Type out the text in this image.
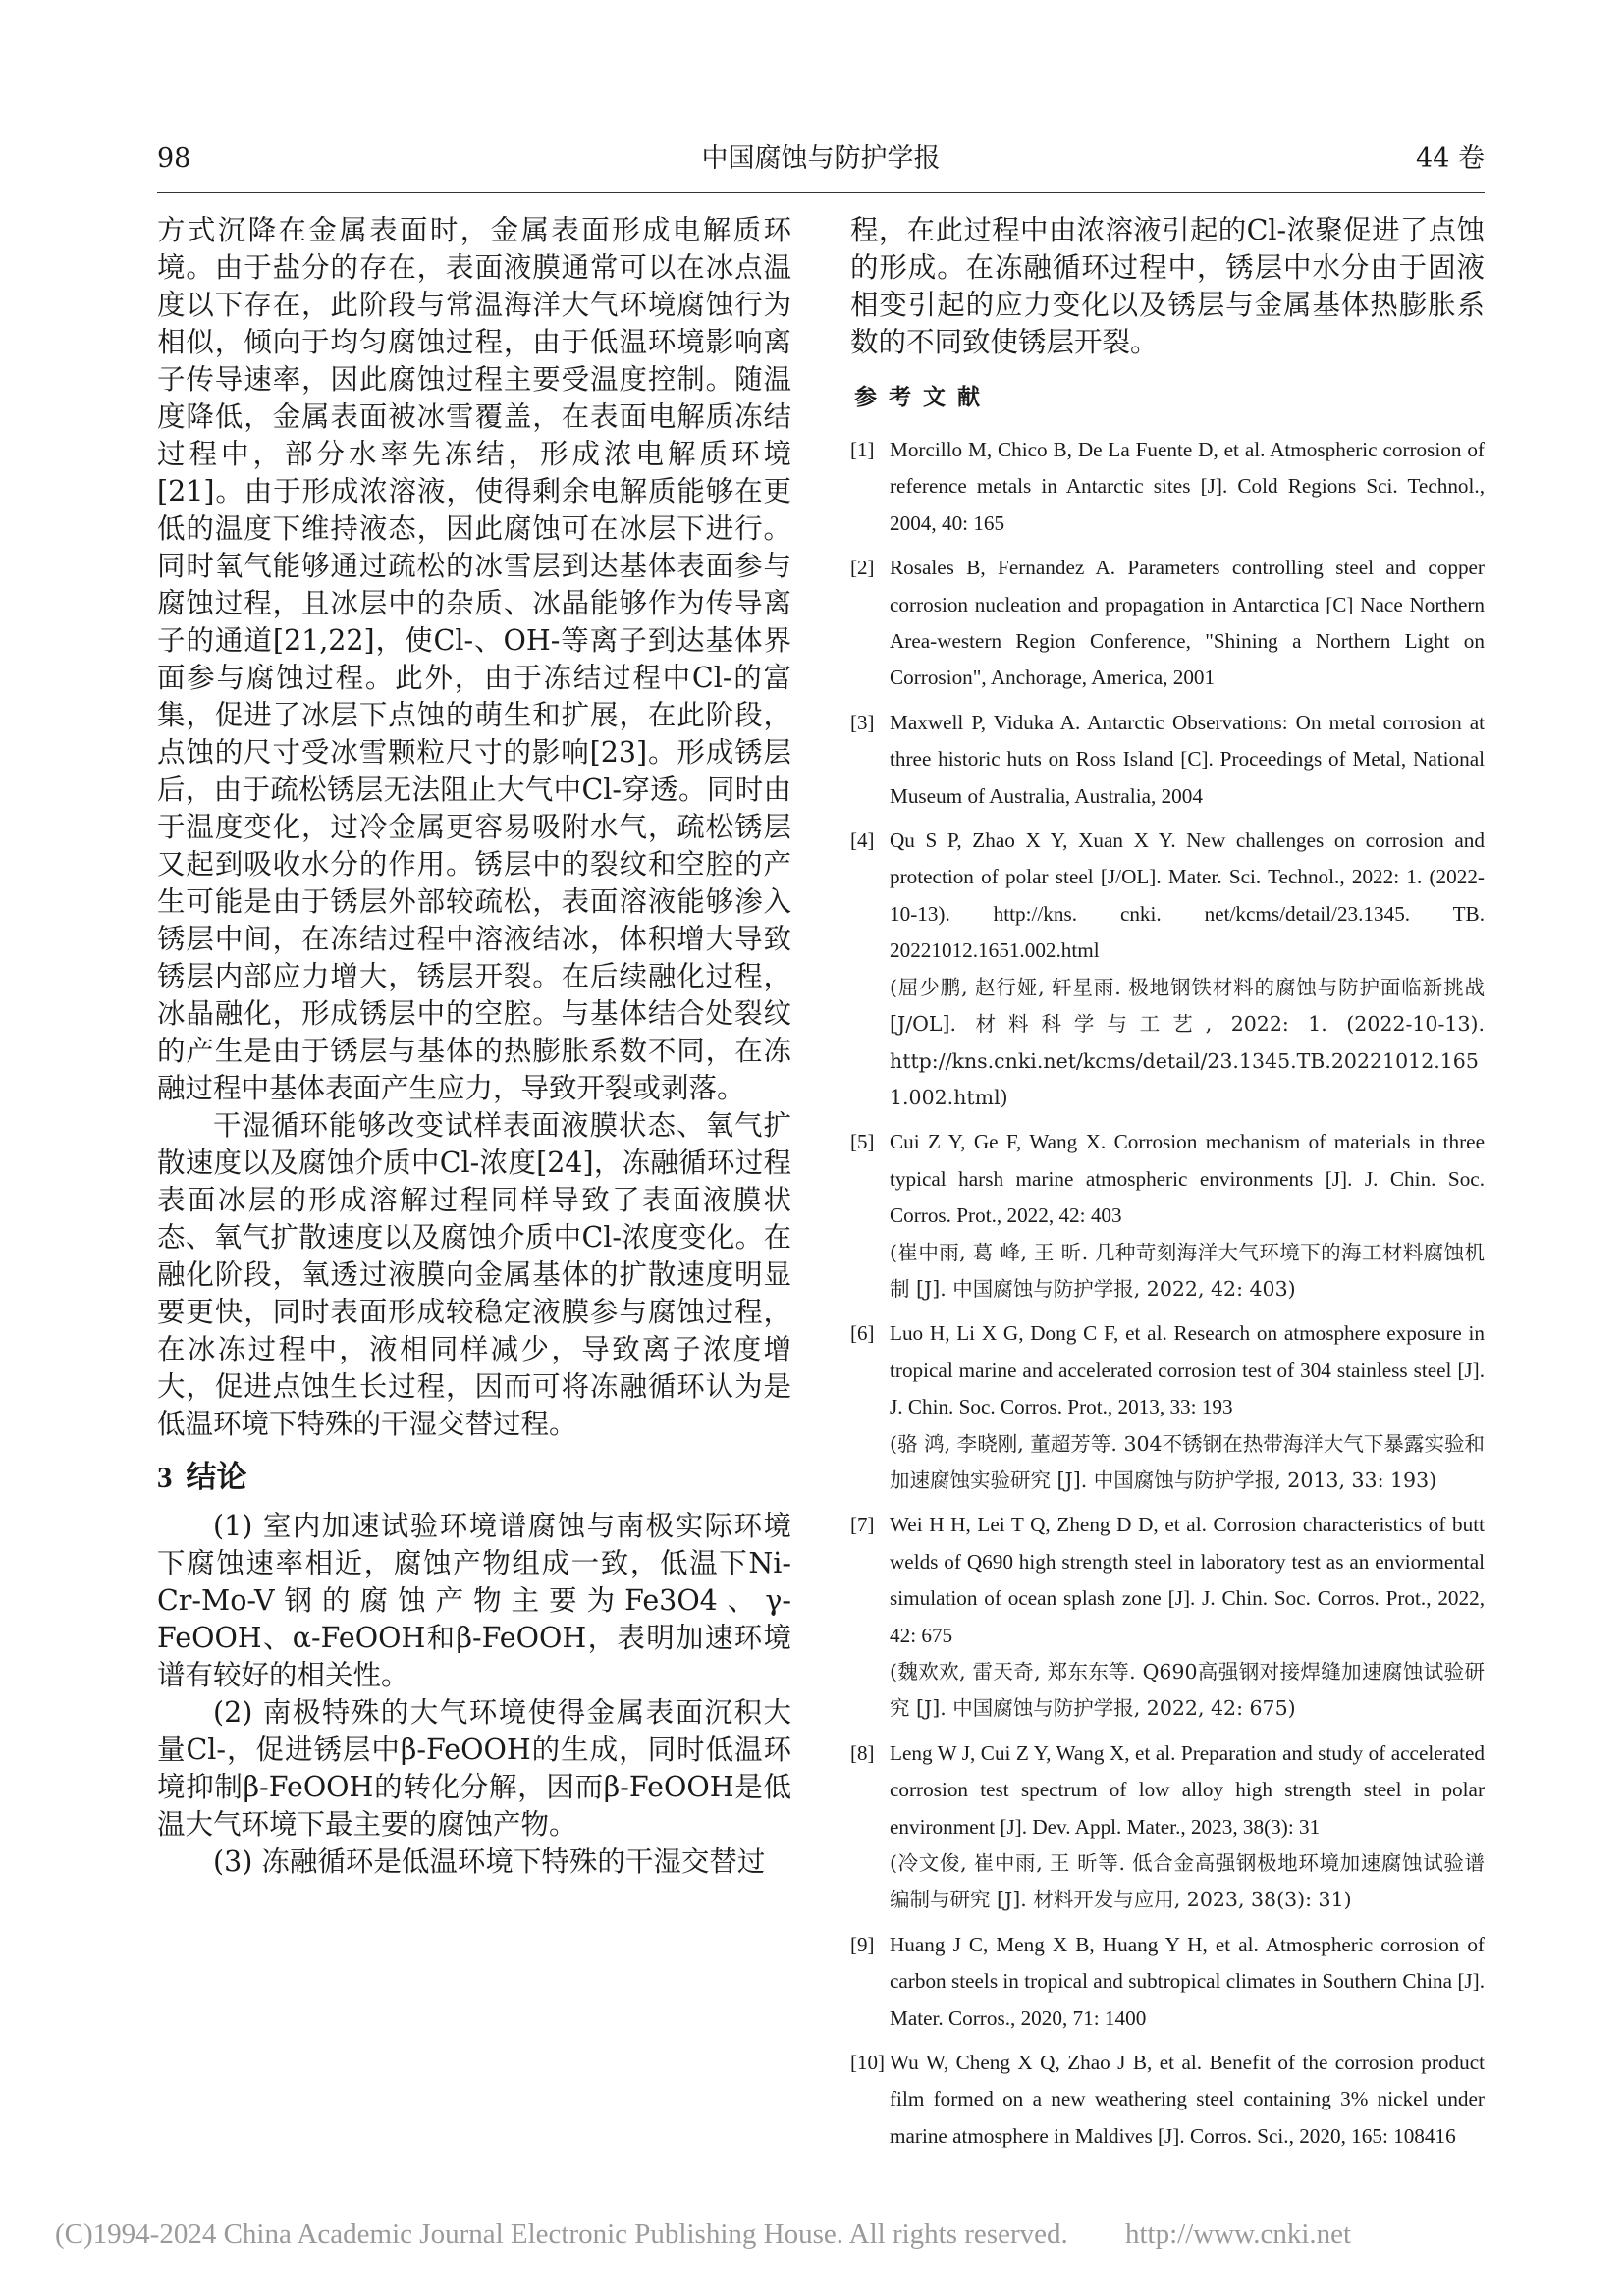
98	中国腐蚀与防护学报	44 卷

方式沉降在金属表面时，金属表面形成电解质环境。由于盐分的存在，表面液膜通常可以在冰点温度以下存在，此阶段与常温海洋大气环境腐蚀行为相似，倾向于均匀腐蚀过程，由于低温环境影响离子传导速率，因此腐蚀过程主要受温度控制。随温度降低，金属表面被冰雪覆盖，在表面电解质冻结过程中，部分水率先冻结，形成浓电解质环境[21]。由于形成浓溶液，使得剩余电解质能够在更低的温度下维持液态，因此腐蚀可在冰层下进行。同时氧气能够通过疏松的冰雪层到达基体表面参与腐蚀过程，且冰层中的杂质、冰晶能够作为传导离子的通道[21,22]，使Cl-、OH-等离子到达基体界面参与腐蚀过程。此外，由于冻结过程中Cl-的富集，促进了冰层下点蚀的萌生和扩展，在此阶段，点蚀的尺寸受冰雪颗粒尺寸的影响[23]。形成锈层后，由于疏松锈层无法阻止大气中Cl-穿透。同时由于温度变化，过冷金属更容易吸附水气，疏松锈层又起到吸收水分的作用。锈层中的裂纹和空腔的产生可能是由于锈层外部较疏松，表面溶液能够渗入锈层中间，在冻结过程中溶液结冰，体积增大导致锈层内部应力增大，锈层开裂。在后续融化过程，冰晶融化，形成锈层中的空腔。与基体结合处裂纹的产生是由于锈层与基体的热膨胀系数不同，在冻融过程中基体表面产生应力，导致开裂或剥落。

干湿循环能够改变试样表面液膜状态、氧气扩散速度以及腐蚀介质中Cl-浓度[24]，冻融循环过程表面冰层的形成溶解过程同样导致了表面液膜状态、氧气扩散速度以及腐蚀介质中Cl-浓度变化。在融化阶段，氧透过液膜向金属基体的扩散速度明显要更快，同时表面形成较稳定液膜参与腐蚀过程，在冰冻过程中，液相同样减少，导致离子浓度增大，促进点蚀生长过程，因而可将冻融循环认为是低温环境下特殊的干湿交替过程。

3 结论

(1) 室内加速试验环境谱腐蚀与南极实际环境下腐蚀速率相近，腐蚀产物组成一致，低温下Ni-Cr-Mo-V钢的腐蚀产物主要为Fe3O4、γ-FeOOH、α-FeOOH和β-FeOOH，表明加速环境谱有较好的相关性。

(2) 南极特殊的大气环境使得金属表面沉积大量Cl-，促进锈层中β-FeOOH的生成，同时低温环境抑制β-FeOOH的转化分解，因而β-FeOOH是低温大气环境下最主要的腐蚀产物。

(3) 冻融循环是低温环境下特殊的干湿交替过

程，在此过程中由浓溶液引起的Cl-浓聚促进了点蚀的形成。在冻融循环过程中，锈层中水分由于固液相变引起的应力变化以及锈层与金属基体热膨胀系数的不同致使锈层开裂。

参考文献
[1] Morcillo M, Chico B, De La Fuente D, et al. Atmospheric corrosion of reference metals in Antarctic sites [J]. Cold Regions Sci. Technol., 2004, 40: 165

[2] Rosales B, Fernandez A. Parameters controlling steel and copper corrosion nucleation and propagation in Antarctica [C] Nace Northern Area-western Region Conference, "Shining a Northern Light on Corrosion", Anchorage, America, 2001

[3] Maxwell P, Viduka A. Antarctic Observations: On metal corrosion at three historic huts on Ross Island [C]. Proceedings of Metal, National Museum of Australia, Australia, 2004

[4] Qu S P, Zhao X Y, Xuan X Y. New challenges on corrosion and protection of polar steel [J/OL]. Mater. Sci. Technol., 2022: 1. (2022-10-13). http://kns. cnki. net/kcms/detail/23.1345. TB. 20221012.1651.002.html

(屈少鹏, 赵行娅, 轩星雨. 极地钢铁材料的腐蚀与防护面临新挑战 [J/OL]. 材料科学与工艺, 2022: 1. (2022-10-13). http://kns.cnki.net/kcms/detail/23.1345.TB.20221012.1651.002.html)

[5] Cui Z Y, Ge F, Wang X. Corrosion mechanism of materials in three typical harsh marine atmospheric environments [J]. J. Chin. Soc. Corros. Prot., 2022, 42: 403

(崔中雨, 葛 峰, 王 昕. 几种苛刻海洋大气环境下的海工材料腐蚀机制 [J]. 中国腐蚀与防护学报, 2022, 42: 403)

[6] Luo H, Li X G, Dong C F, et al. Research on atmosphere exposure in tropical marine and accelerated corrosion test of 304 stainless steel [J]. J. Chin. Soc. Corros. Prot., 2013, 33: 193

(骆 鸿, 李晓刚, 董超芳等. 304不锈钢在热带海洋大气下暴露实验和加速腐蚀实验研究 [J]. 中国腐蚀与防护学报, 2013, 33: 193)

[7] Wei H H, Lei T Q, Zheng D D, et al. Corrosion characteristics of butt welds of Q690 high strength steel in laboratory test as an enviormental simulation of ocean splash zone [J]. J. Chin. Soc. Corros. Prot., 2022, 42: 675

(魏欢欢, 雷天奇, 郑东东等. Q690高强钢对接焊缝加速腐蚀试验研究 [J]. 中国腐蚀与防护学报, 2022, 42: 675)

[8] Leng W J, Cui Z Y, Wang X, et al. Preparation and study of accelerated corrosion test spectrum of low alloy high strength steel in polar environment [J]. Dev. Appl. Mater., 2023, 38(3): 31

(冷文俊, 崔中雨, 王 昕等. 低合金高强钢极地环境加速腐蚀试验谱编制与研究 [J]. 材料开发与应用, 2023, 38(3): 31)

[9] Huang J C, Meng X B, Huang Y H, et al. Atmospheric corrosion of carbon steels in tropical and subtropical climates in Southern China [J]. Mater. Corros., 2020, 71: 1400

[10] Wu W, Cheng X Q, Zhao J B, et al. Benefit of the corrosion product film formed on a new weathering steel containing 3% nickel under marine atmosphere in Maldives [J]. Corros. Sci., 2020, 165: 108416

(C)1994-2024 China Academic Journal Electronic Publishing House. All rights reserved. http://www.cnki.net
